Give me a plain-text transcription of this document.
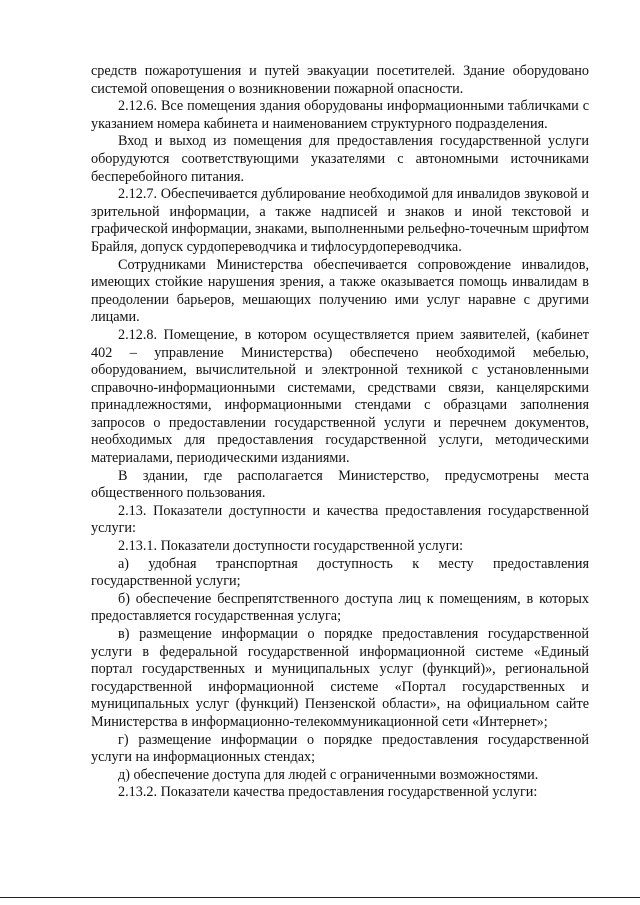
средств пожаротушения и путей эвакуации посетителей. Здание оборудовано системой оповещения о возникновении пожарной опасности.

2.12.6. Все помещения здания оборудованы информационными табличками с указанием номера кабинета и наименованием структурного подразделения.

Вход и выход из помещения для предоставления государственной услуги оборудуются соответствующими указателями с автономными источниками бесперебойного питания.

2.12.7. Обеспечивается дублирование необходимой для инвалидов звуковой и зрительной информации, а также надписей и знаков и иной текстовой и графической информации, знаками, выполненными рельефно-точечным шрифтом Брайля, допуск сурдопереводчика и тифлосурдопереводчика.

Сотрудниками Министерства обеспечивается сопровождение инвалидов, имеющих стойкие нарушения зрения, а также оказывается помощь инвалидам в преодолении барьеров, мешающих получению ими услуг наравне с другими лицами.

2.12.8. Помещение, в котором осуществляется прием заявителей, (кабинет 402 – управление Министерства) обеспечено необходимой мебелью, оборудованием, вычислительной и электронной техникой с установленными справочно-информационными системами, средствами связи, канцелярскими принадлежностями, информационными стендами с образцами заполнения запросов о предоставлении государственной услуги и перечнем документов, необходимых для предоставления государственной услуги, методическими материалами, периодическими изданиями.

В здании, где располагается Министерство, предусмотрены места общественного пользования.

2.13. Показатели доступности и качества предоставления государственной услуги:

2.13.1. Показатели доступности государственной услуги:

а) удобная транспортная доступность к месту предоставления государственной услуги;

б) обеспечение беспрепятственного доступа лиц к помещениям, в которых предоставляется государственная услуга;

в) размещение информации о порядке предоставления государственной услуги в федеральной государственной информационной системе «Единый портал государственных и муниципальных услуг (функций)», региональной государственной информационной системе «Портал государственных и муниципальных услуг (функций) Пензенской области», на официальном сайте Министерства в информационно-телекоммуникационной сети «Интернет»;

г) размещение информации о порядке предоставления государственной услуги на информационных стендах;

д) обеспечение доступа для людей с ограниченными возможностями.

2.13.2. Показатели качества предоставления государственной услуги:
